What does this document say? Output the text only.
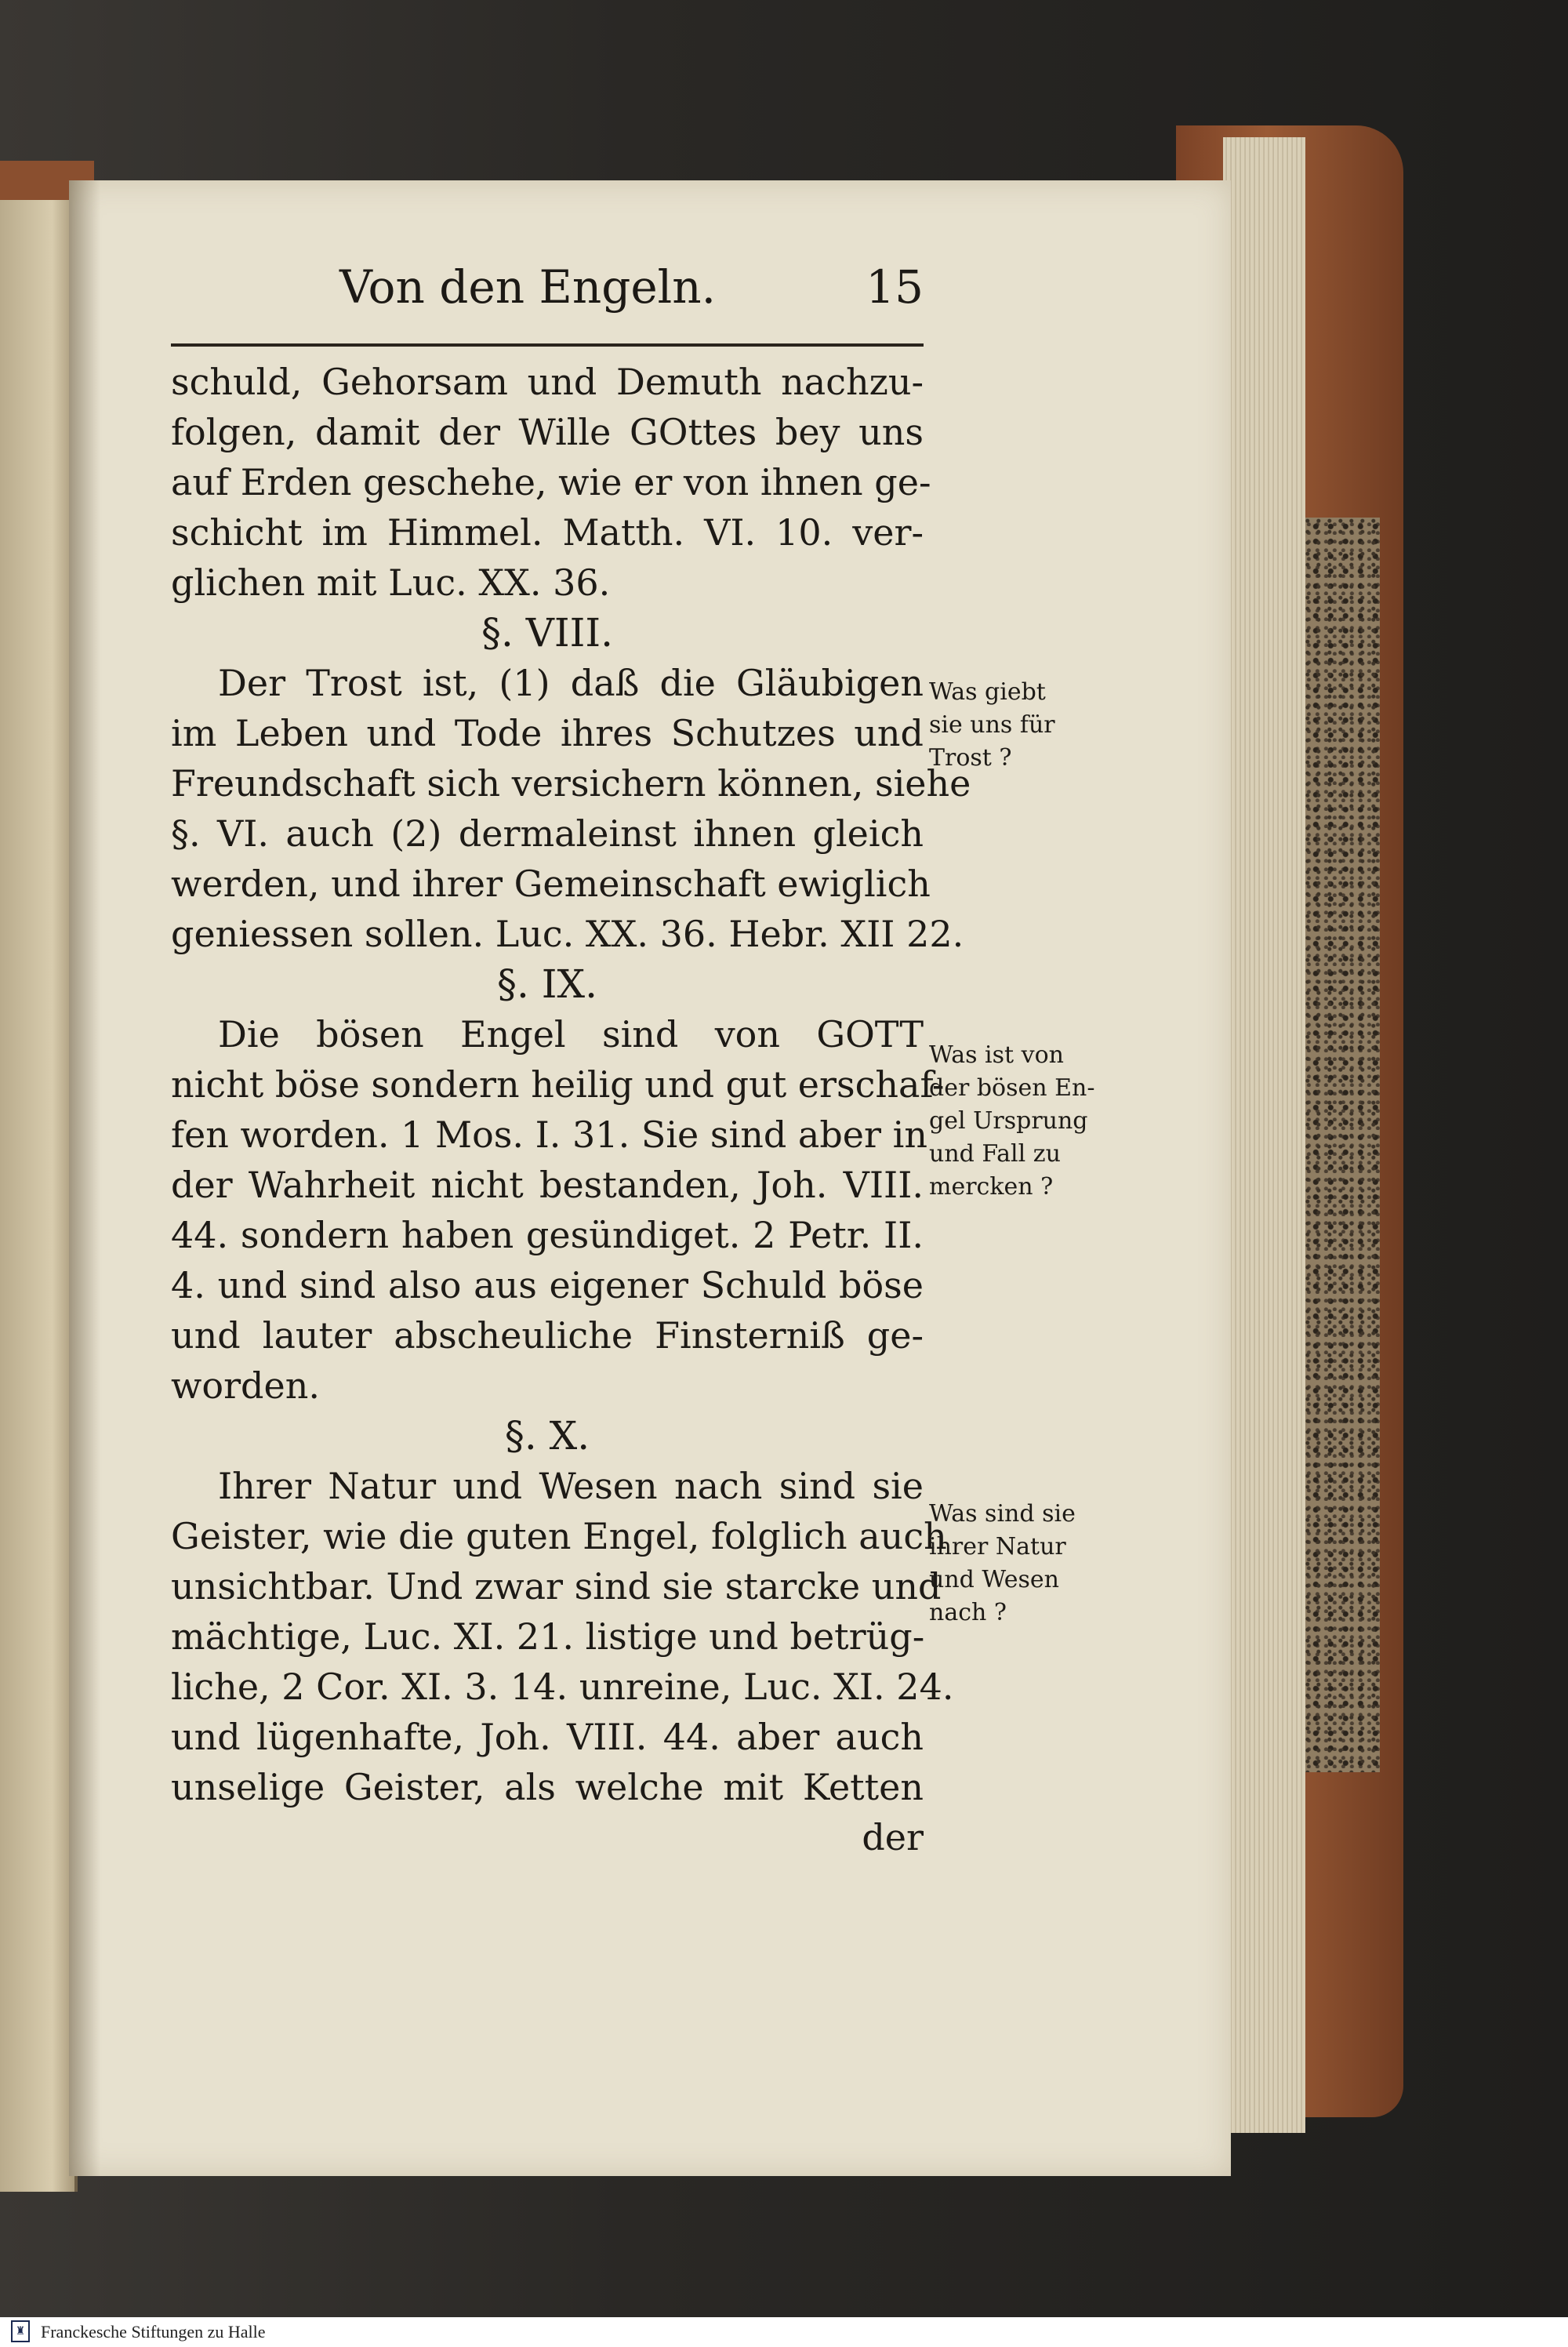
Von den Engeln.	15
schuld, Gehorsam und Demuth nachzu-
folgen, damit der Wille GOttes bey uns
auf Erden geschehe, wie er von ihnen ge-
schicht im Himmel. Matth. VI. 10. ver-
glichen mit Luc. XX. 36.
§. VIII.
Der Trost ist, (1) daß die Gläubigen
im Leben und Tode ihres Schutzes und
Freundschaft sich versichern können, siehe
§. VI. auch (2) dermaleinst ihnen gleich
werden, und ihrer Gemeinschaft ewiglich
geniessen sollen. Luc. XX. 36. Hebr. XII 22.
§. IX.
Die bösen Engel sind von GOTT
nicht böse sondern heilig und gut erschaf-
fen worden. 1 Mos. I. 31. Sie sind aber in
der Wahrheit nicht bestanden, Joh. VIII.
44. sondern haben gesündiget. 2 Petr. II.
4. und sind also aus eigener Schuld böse
und lauter abscheuliche Finsterniß ge-
worden.
§. X.
Ihrer Natur und Wesen nach sind sie
Geister, wie die guten Engel, folglich auch
unsichtbar. Und zwar sind sie starcke und
mächtige, Luc. XI. 21. listige und betrüg-
liche, 2 Cor. XI. 3. 14. unreine, Luc. XI. 24.
und lügenhafte, Joh. VIII. 44. aber auch
unselige Geister, als welche mit Ketten
der
Was giebt
sie uns für
Trost ?
Was ist von
der bösen En-
gel Ursprung
und Fall zu
mercken ?
Was sind sie
ihrer Natur
und Wesen
nach ?
♜ Franckesche Stiftungen zu Halle
